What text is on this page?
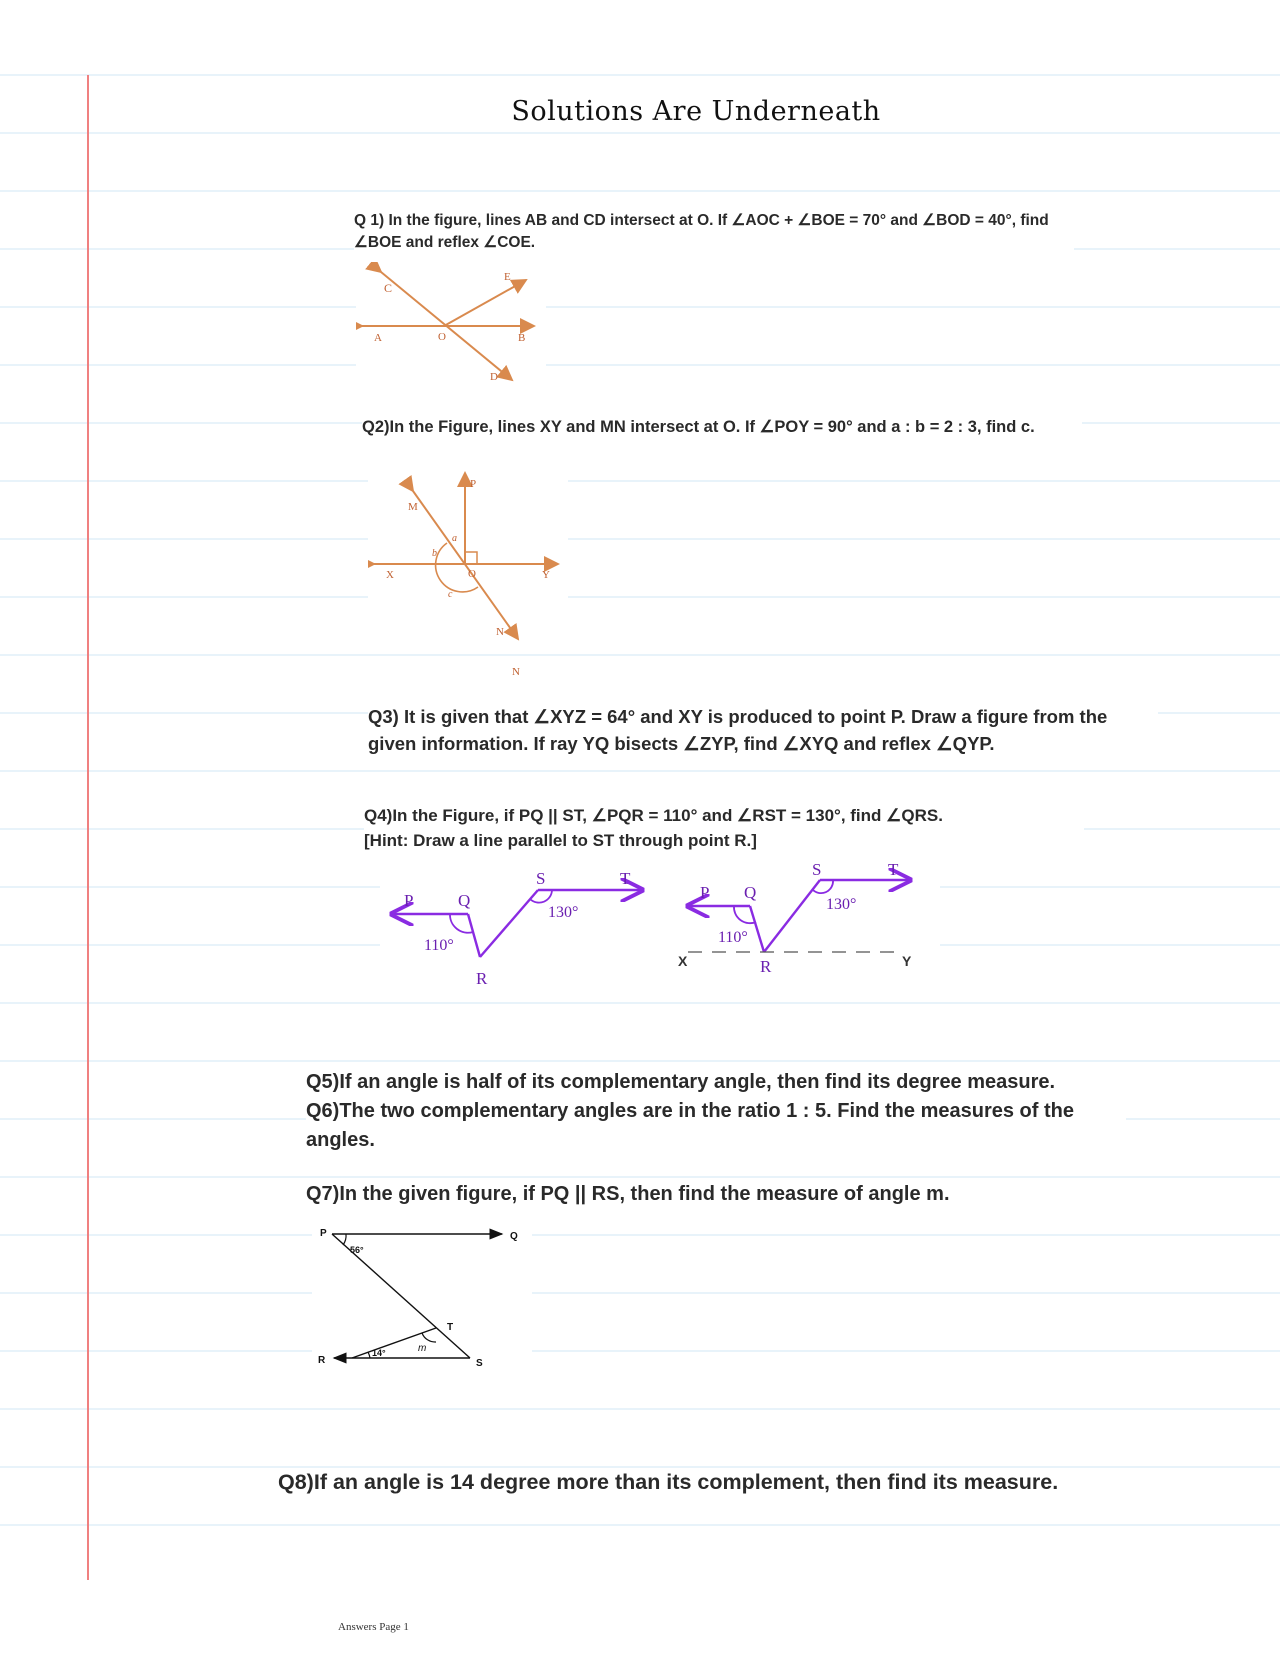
Solutions Are Underneath
Q 1) In the figure, lines AB and CD intersect at O. If ∠AOC + ∠BOE = 70° and ∠BOD = 40°, find ∠BOE and reflex ∠COE.
A	B
C
D
E
O
Q2)In the Figure, lines XY and MN intersect at O. If ∠POY = 90° and a : b = 2 : 3, find c.
X	Y
M
N
P
O
a
b
c
N
Q3) It is given that ∠XYZ = 64° and XY is produced to point P. Draw a figure from the given information. If ray YQ bisects ∠ZYP, find ∠XYQ and reflex ∠QYP.
Q4)In the Figure, if PQ || ST, ∠PQR = 110° and ∠RST = 130°, find ∠QRS.
[Hint: Draw a line parallel to ST through point R.]
P	Q
R
S	T
110°
130°
X	Y
P Q
R
S	T
110°
130°
Q5)If an angle is half of its complementary angle, then find its degree measure.
Q6)The two complementary angles are in the ratio 1 : 5. Find the measures of the angles.
Q7)In the given figure, if PQ || RS, then find the measure of angle m.
P	Q
R	S
T
m
56°
14°
Q8)If an angle is 14 degree more than its complement, then find its measure.
Answers Page 1
